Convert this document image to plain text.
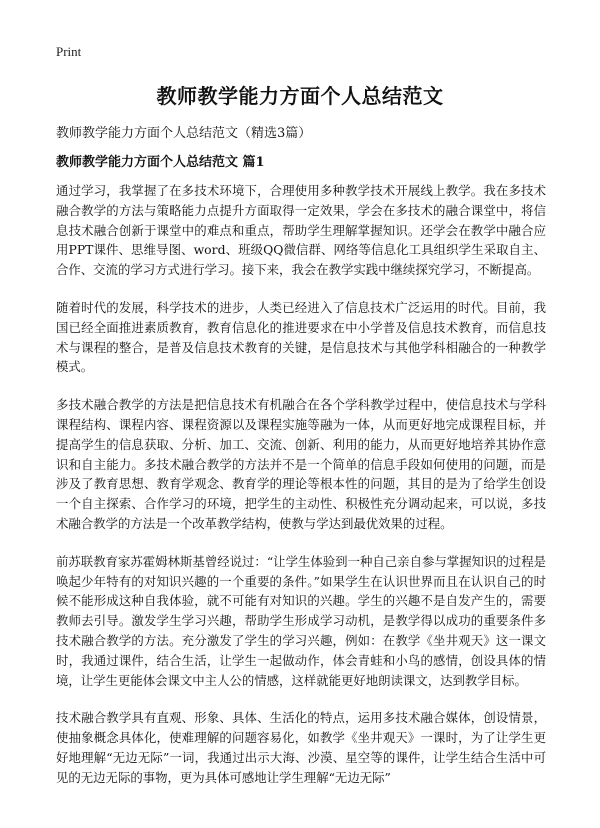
Print
教师教学能力方面个人总结范文

教师教学能力方面个人总结范文（精选3篇）

教师教学能力方面个人总结范文 篇1

通过学习，我掌握了在多技术环境下，合理使用多种教学技术开展线上教学。我在多技术融合教学的方法与策略能力点提升方面取得一定效果，学会在多技术的融合课堂中，将信息技术融合创新于课堂中的难点和重点，帮助学生理解掌握知识。还学会在教学中融合应用PPT课件、思维导图、word、班级QQ微信群、网络等信息化工具组织学生采取自主、合作、交流的学习方式进行学习。接下来，我会在教学实践中继续探究学习，不断提高。

随着时代的发展，科学技术的进步，人类已经进入了信息技术广泛运用的时代。目前，我国已经全面推进素质教育，教育信息化的推进要求在中小学普及信息技术教育，而信息技术与课程的整合，是普及信息技术教育的关键，是信息技术与其他学科相融合的一种教学模式。

多技术融合教学的方法是把信息技术有机融合在各个学科教学过程中，使信息技术与学科课程结构、课程内容、课程资源以及课程实施等融为一体，从而更好地完成课程目标，并提高学生的信息获取、分析、加工、交流、创新、利用的能力，从而更好地培养其协作意识和自主能力。多技术融合教学的方法并不是一个简单的信息手段如何使用的问题，而是涉及了教育思想、教育学观念、教育学的理论等根本性的问题，其目的是为了给学生创设一个自主探索、合作学习的环境，把学生的主动性、积极性充分调动起来，可以说，多技术融合教学的方法是一个改革教学结构，使教与学达到最优效果的过程。

前苏联教育家苏霍姆林斯基曾经说过：“让学生体验到一种自己亲自参与掌握知识的过程是唤起少年特有的对知识兴趣的一个重要的条件。”如果学生在认识世界而且在认识自己的时候不能形成这种自我体验，就不可能有对知识的兴趣。学生的兴趣不是自发产生的，需要教师去引导。激发学生学习兴趣，帮助学生形成学习动机，是教学得以成功的重要条件多技术融合教学的方法。充分激发了学生的学习兴趣，例如：在教学《坐井观天》这一课文时，我通过课件，结合生活，让学生一起做动作，体会青蛙和小鸟的感情，创设具体的情境，让学生更能体会课文中主人公的情感，这样就能更好地朗读课文，达到教学目标。

技术融合教学具有直观、形象、具体、生活化的特点，运用多技术融合媒体，创设情景，使抽象概念具体化，使难理解的问题容易化，如教学《坐井观天》一课时，为了让学生更好地理解“无边无际”一词，我通过出示大海、沙漠、星空等的课件，让学生结合生活中可见的无边无际的事物，更为具体可感地让学生理解“无边无际”
